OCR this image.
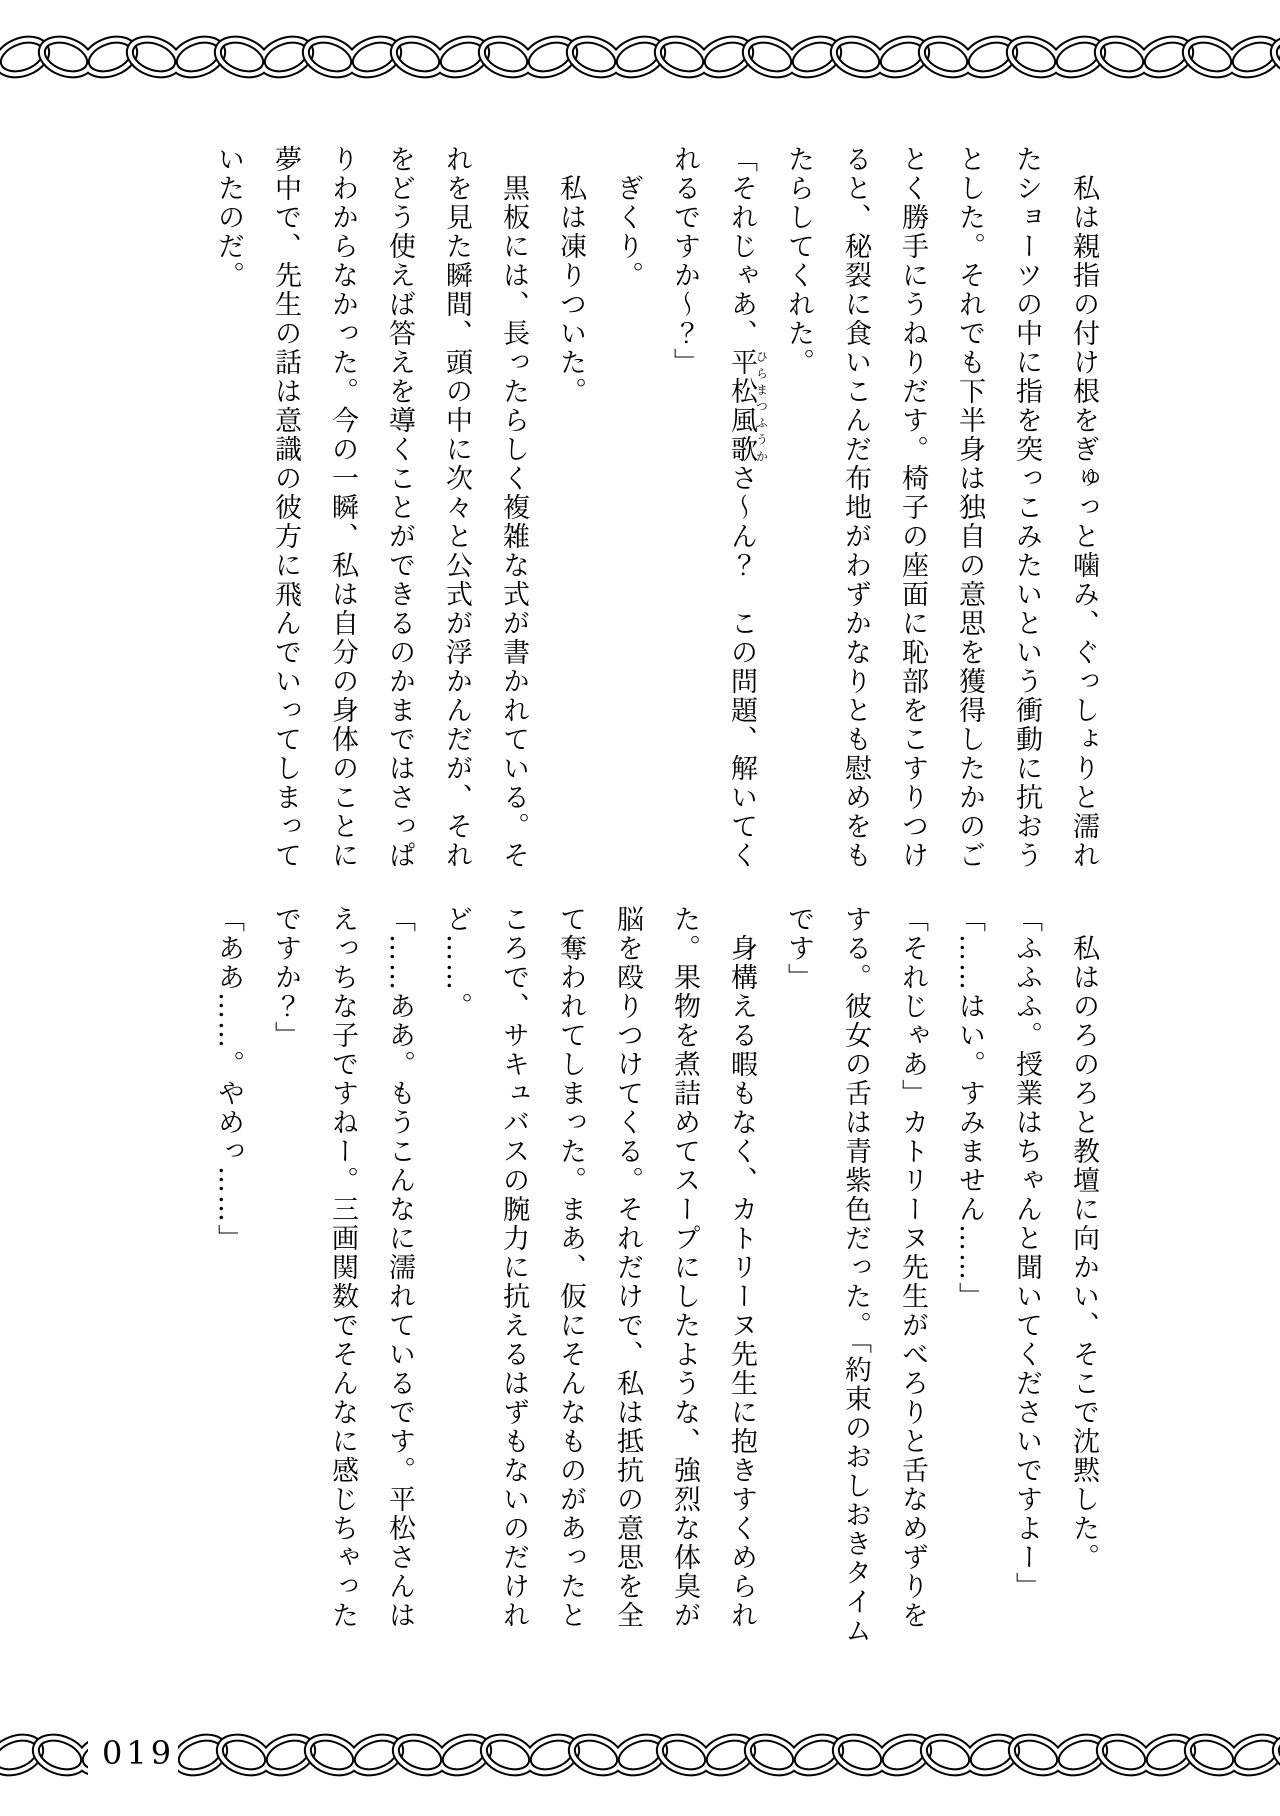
私は親指の付け根をぎゅっと噛み、ぐっしょりと濡れ

たショーツの中に指を突っこみたいという衝動に抗おう

とした。それでも下半身は独自の意思を獲得したかのご

とく勝手にうねりだす。椅子の座面に恥部をこすりつけ

ると、秘裂に食いこんだ布地がわずかなりとも慰めをも

たらしてくれた。

「それじゃあ、平松風歌ひらまつふうかさ〜ん？　この問題、解いてく

れるですか〜？」

ぎくり。

私は凍りついた。

黒板には、長ったらしく複雑な式が書かれている。そ

れを見た瞬間、頭の中に次々と公式が浮かんだが、それ

をどう使えば答えを導くことができるのかまではさっぱ

りわからなかった。今の一瞬、私は自分の身体のことに

夢中で、先生の話は意識の彼方に飛んでいってしまって

いたのだ。

私はのろのろと教壇に向かい、そこで沈黙した。

「ふふふ。授業はちゃんと聞いてくださいですよー」

「……はい。すみません……」

「それじゃあ」カトリーヌ先生がべろりと舌なめずりを

する。彼女の舌は青紫色だった。「約束のおしおきタイム

です」

身構える暇もなく、カトリーヌ先生に抱きすくめられ

た。果物を煮詰めてスープにしたような、強烈な体臭が

脳を殴りつけてくる。それだけで、私は抵抗の意思を全

て奪われてしまった。まあ、仮にそんなものがあったと

ころで、サキュバスの腕力に抗えるはずもないのだけれ

ど……。

「……ああ。もうこんなに濡れているです。平松さんは

えっちな子ですねー。三画関数でそんなに感じちゃった

ですか？」

「ああ……。やめっ……」

019
